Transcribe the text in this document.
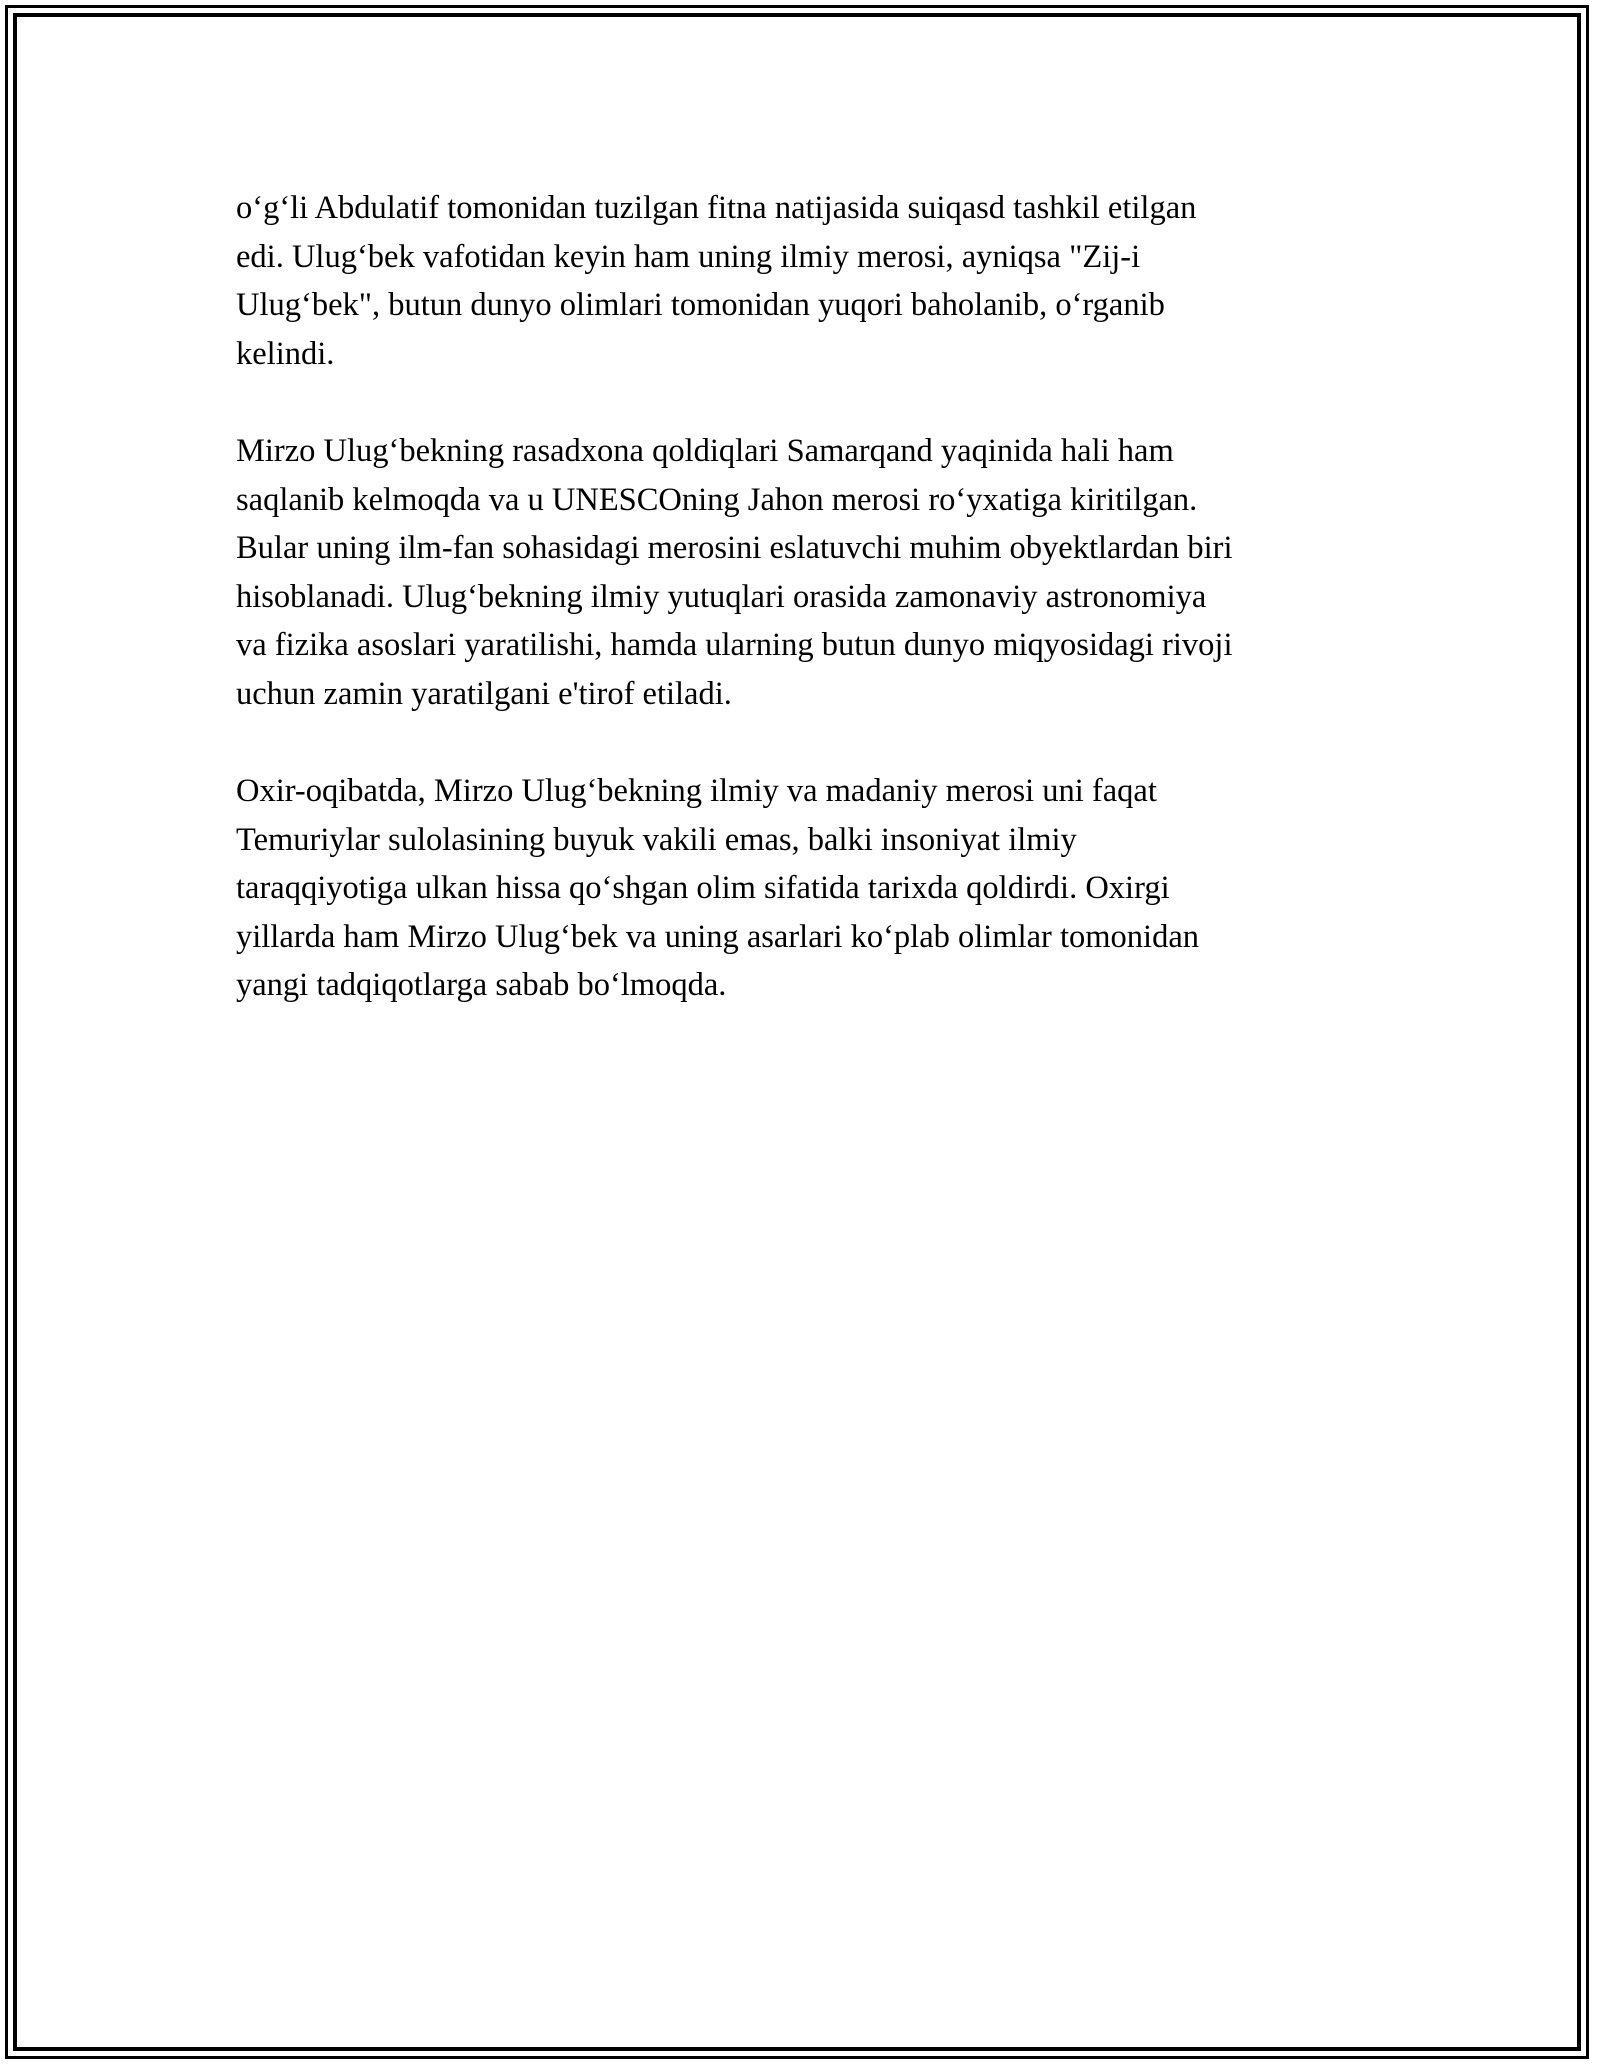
o‘g‘li Abdulatif tomonidan tuzilgan fitna natijasida suiqasd tashkil etilgan
edi. Ulug‘bek vafotidan keyin ham uning ilmiy merosi, ayniqsa "Zij-i
Ulug‘bek", butun dunyo olimlari tomonidan yuqori baholanib, o‘rganib
kelindi.

Mirzo Ulug‘bekning rasadxona qoldiqlari Samarqand yaqinida hali ham
saqlanib kelmoqda va u UNESCOning Jahon merosi ro‘yxatiga kiritilgan.
Bular uning ilm-fan sohasidagi merosini eslatuvchi muhim obyektlardan biri
hisoblanadi. Ulug‘bekning ilmiy yutuqlari orasida zamonaviy astronomiya
va fizika asoslari yaratilishi, hamda ularning butun dunyo miqyosidagi rivoji
uchun zamin yaratilgani e'tirof etiladi.

Oxir-oqibatda, Mirzo Ulug‘bekning ilmiy va madaniy merosi uni faqat
Temuriylar sulolasining buyuk vakili emas, balki insoniyat ilmiy
taraqqiyotiga ulkan hissa qo‘shgan olim sifatida tarixda qoldirdi. Oxirgi
yillarda ham Mirzo Ulug‘bek va uning asarlari ko‘plab olimlar tomonidan
yangi tadqiqotlarga sabab bo‘lmoqda.
